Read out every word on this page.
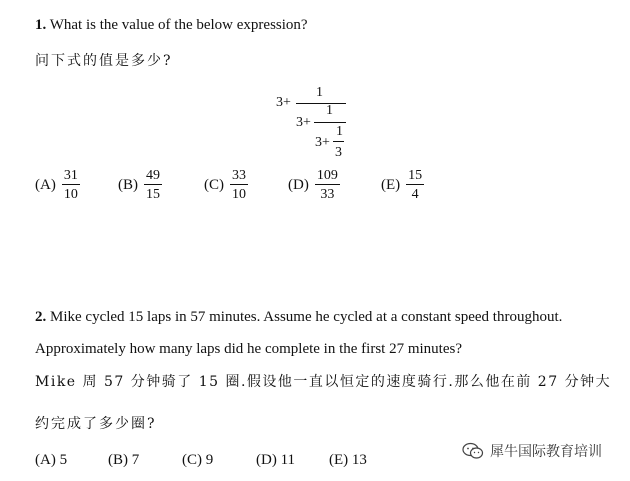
1. What is the value of the below expression?
问下式的值是多少?
3+
1
3+
1
3+
1
3
$(A) \frac{31}{10}$	$(B) \frac{49}{15}$	$(C) \frac{33}{10}$	$(D) \frac{109}{33}$	$(E) \frac{15}{4}$
2. Mike cycled 15 laps in 57 minutes. Assume he cycled at a constant speed throughout.
Approximately how many laps did he complete in the first 27 minutes?
Mike 周 57 分钟骑了 15 圈.假设他一直以恒定的速度骑行.那么他在前 27 分钟大
约完成了多少圈?
(A) 5	(B) 7	(C) 9	(D) 11 (E) 13	犀牛国际教育培训
